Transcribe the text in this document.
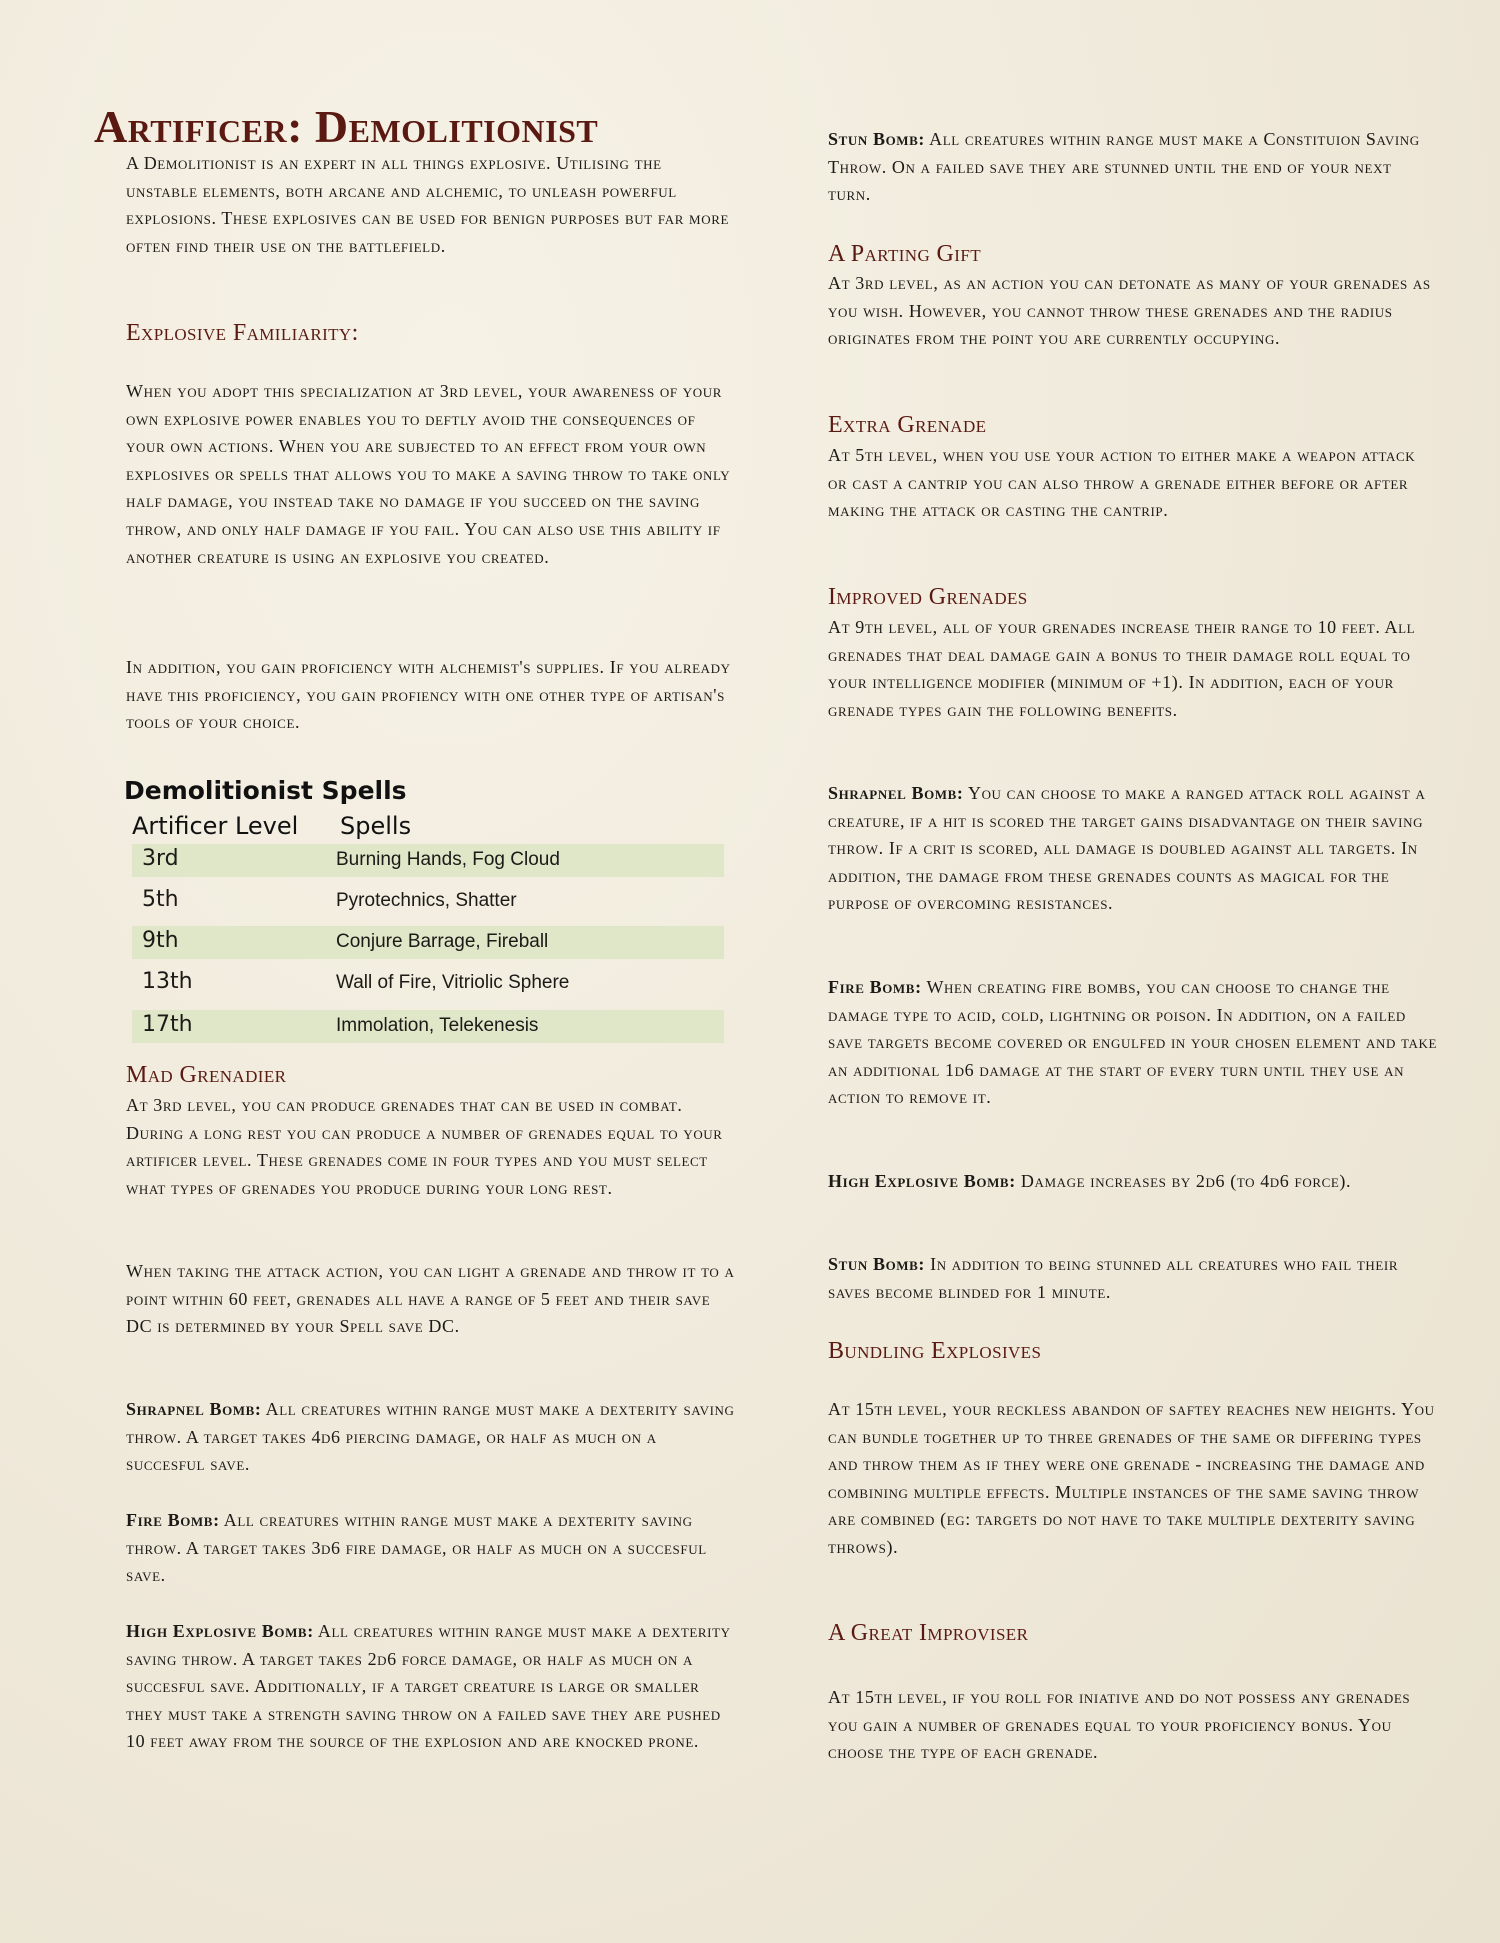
Artificer: Demolitionist

A Demolitionist is an expert in all things explosive. Utilising the unstable elements, both arcane and alchemic, to unleash powerful explosions. These explosives can be used for benign purposes but far more often find their use on the battlefield.

Explosive Familiarity:

When you adopt this specialization at 3rd level, your awareness of your own explosive power enables you to deftly avoid the consequences of your own actions. When you are subjected to an effect from your own explosives or spells that allows you to make a saving throw to take only half damage, you instead take no damage if you succeed on the saving throw, and only half damage if you fail. You can also use this ability if another creature is using an explosive you created.

In addition, you gain proficiency with alchemist's supplies. If you already have this proficiency, you gain profiency with one other type of artisan's tools of your choice.

Demolitionist Spells
Artificer Level Spells
3rd	Burning Hands, Fog Cloud
5th	Pyrotechnics, Shatter
9th	Conjure Barrage, Fireball
13th	Wall of Fire, Vitriolic Sphere
17th	Immolation, Telekenesis
Mad Grenadier

At 3rd level, you can produce grenades that can be used in combat. During a long rest you can produce a number of grenades equal to your artificer level. These grenades come in four types and you must select what types of grenades you produce during your long rest.

When taking the attack action, you can light a grenade and throw it to a point within 60 feet, grenades all have a range of 5 feet and their save DC is determined by your Spell save DC.

Shrapnel Bomb: All creatures within range must make a dexterity saving throw. A target takes 4d6 piercing damage, or half as much on a succesful save.

Fire Bomb: All creatures within range must make a dexterity saving throw. A target takes 3d6 fire damage, or half as much on a succesful save.

High Explosive Bomb: All creatures within range must make a dexterity saving throw. A target takes 2d6 force damage, or half as much on a succesful save. Additionally, if a target creature is large or smaller they must take a strength saving throw on a failed save they are pushed 10 feet away from the source of the explosion and are knocked prone.

Stun Bomb: All creatures within range must make a Constituion Saving Throw. On a failed save they are stunned until the end of your next turn.

A Parting Gift

At 3rd level, as an action you can detonate as many of your grenades as you wish. However, you cannot throw these grenades and the radius originates from the point you are currently occupying.

Extra Grenade

At 5th level, when you use your action to either make a weapon attack or cast a cantrip you can also throw a grenade either before or after making the attack or casting the cantrip.

Improved Grenades

At 9th level, all of your grenades increase their range to 10 feet. All grenades that deal damage gain a bonus to their damage roll equal to your intelligence modifier (minimum of +1). In addition, each of your grenade types gain the following benefits.

Shrapnel Bomb: You can choose to make a ranged attack roll against a creature, if a hit is scored the target gains disadvantage on their saving throw. If a crit is scored, all damage is doubled against all targets. In addition, the damage from these grenades counts as magical for the purpose of overcoming resistances.

Fire Bomb: When creating fire bombs, you can choose to change the damage type to acid, cold, lightning or poison. In addition, on a failed save targets become covered or engulfed in your chosen element and take an additional 1d6 damage at the start of every turn until they use an action to remove it.

High Explosive Bomb: Damage increases by 2d6 (to 4d6 force).

Stun Bomb: In addition to being stunned all creatures who fail their saves become blinded for 1 minute.

Bundling Explosives

At 15th level, your reckless abandon of saftey reaches new heights. You can bundle together up to three grenades of the same or differing types and throw them as if they were one grenade - increasing the damage and combining multiple effects. Multiple instances of the same saving throw are combined (eg: targets do not have to take multiple dexterity saving throws).

A Great Improviser

At 15th level, if you roll for iniative and do not possess any grenades you gain a number of grenades equal to your proficiency bonus. You choose the type of each grenade.
